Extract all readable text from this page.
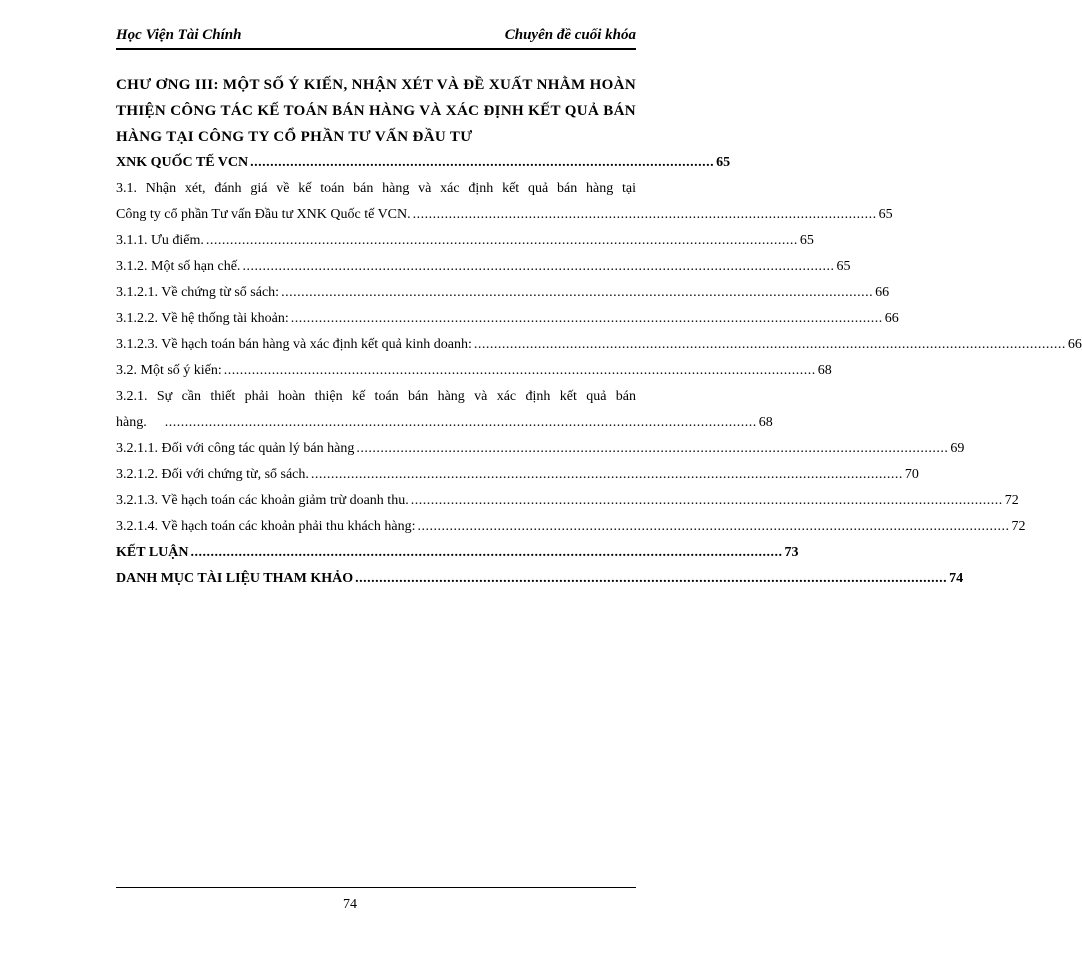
Học Viện Tài Chính	Chuyên đề cuối khóa
CHƯ ƠNG III: MỘT SỐ Ý KIẾN, NHẬN XÉT VÀ ĐỀ XUẤT NHẰM HOÀN THIỆN CÔNG TÁC KẾ TOÁN BÁN HÀNG VÀ XÁC ĐỊNH KẾT QUẢ BÁN HÀNG TẠI CÔNG TY CỔ PHẦN TƯ VẤN ĐẦU TƯ
XNK QUỐC TẾ VCN .................................................................................................................... 65
3.1. Nhận xét, đánh giá về kế toán bán hàng và xác định kết quả bán hàng tại
Công ty cổ phần Tư vấn Đầu tư XNK Quốc tế VCN. .................................................................................................................... 65
3.1.1. Ưu điểm. .................................................................................................................................................... 65
3.1.2. Một số hạn chế. .................................................................................................................................................... 65
3.1.2.1. Về chứng từ sổ sách: .................................................................................................................................................... 66
3.1.2.2. Về hệ thống tài khoản: .................................................................................................................................................... 66
3.1.2.3. Về hạch toán bán hàng và xác định kết quả kinh doanh: .................................................................................................................................................... 66
3.2. Một số ý kiến: .................................................................................................................................................... 68
3.2.1. Sự cần thiết phải hoàn thiện kế toán bán hàng và xác định kết quả bán
hàng. .................................................................................................................................................... 68
3.2.1.1. Đối với công tác quản lý bán hàng .................................................................................................................................................... 69
3.2.1.2. Đối với chứng từ, sổ sách. .................................................................................................................................................... 70
3.2.1.3. Về hạch toán các khoản giảm trừ doanh thu. .................................................................................................................................................... 72
3.2.1.4. Về hạch toán các khoản phải thu khách hàng: .................................................................................................................................................... 72
KẾT LUẬN .................................................................................................................................................... 73
DANH MỤC TÀI LIỆU THAM KHẢO .................................................................................................................................................... 74
74
